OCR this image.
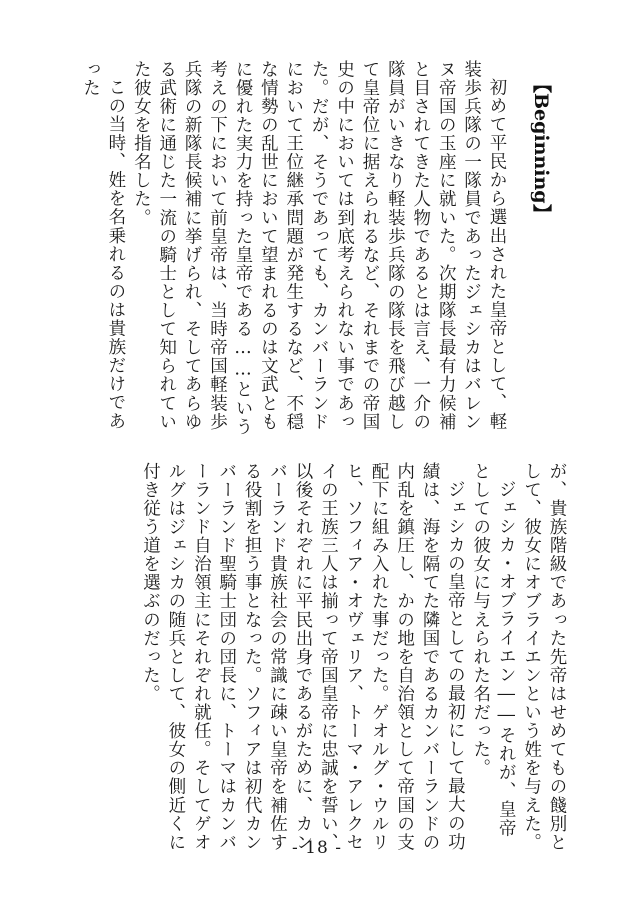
【Beginning】
初めて平民から選出された皇帝として、軽装歩兵隊の一隊員であったジェシカはバレンヌ帝国の玉座に就いた。次期隊長最有力候補と目されてきた人物であるとは言え、一介の隊員がいきなり軽装歩兵隊の隊長を飛び越して皇帝位に据えられるなど、それまでの帝国史の中においては到底考えられない事であった。だが、そうであっても、カンバーランドにおいて王位継承問題が発生するなど、不穏な情勢の乱世において望まれるのは文武ともに優れた実力を持った皇帝である……という考えの下において前皇帝は、当時帝国軽装歩兵隊の新隊長候補に挙げられ、そしてあらゆる武術に通じた一流の騎士として知られていた彼女を指名した。
この当時、姓を名乗れるのは貴族だけであった
が、貴族階級であった先帝はせめてもの餞別として、彼女にオブライエンという姓を与えた。
ジェシカ・オブライエン――それが、皇帝としての彼女に与えられた名だった。
ジェシカの皇帝としての最初にして最大の功績は、海を隔てた隣国であるカンバーランドの内乱を鎮圧し、かの地を自治領として帝国の支配下に組み入れた事だった。ゲオルグ・ウルリヒ、ソフィア・オヴェリア、トーマ・アレクセイの王族三人は揃って帝国皇帝に忠誠を誓い、以後それぞれに平民出身であるがために、カンバーランド貴族社会の常識に疎い皇帝を補佐する役割を担う事となった。ソフィアは初代カンバーランド聖騎士団の団長に、トーマはカンバーランド自治領主にそれぞれ就任。そしてゲオルグはジェシカの随兵として、彼女の側近くに付き従う道を選ぶのだった。
- 18 -
